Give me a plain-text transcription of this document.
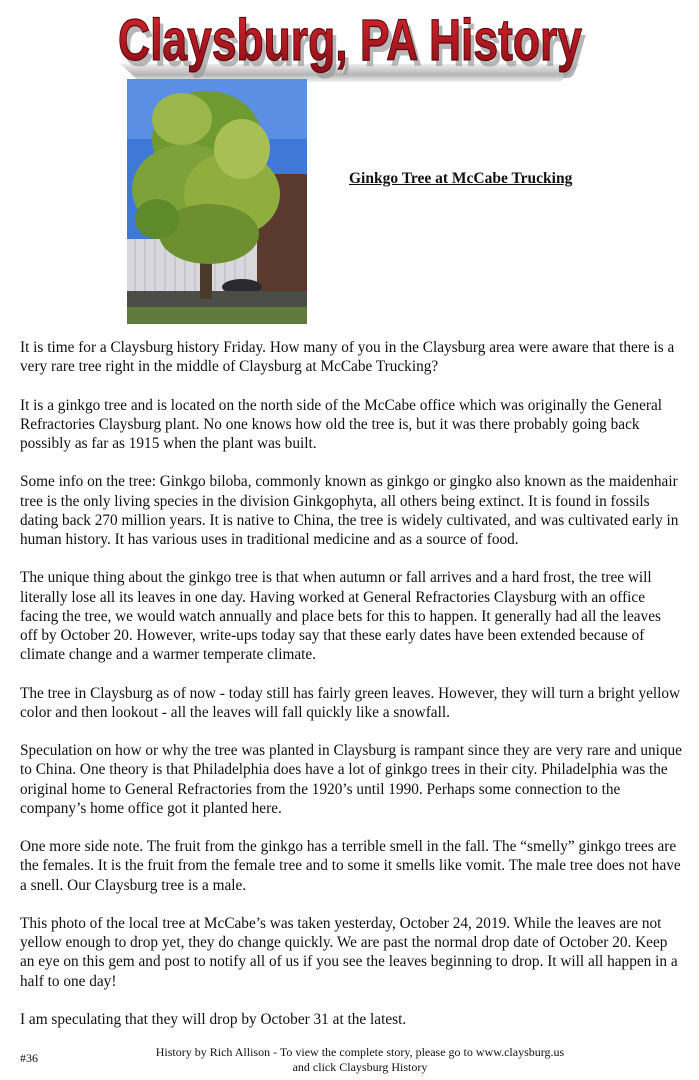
Claysburg, PA History
Claysburg, PA History
Ginkgo Tree at McCabe Trucking

It is time for a Claysburg history Friday. How many of you in the Claysburg area were aware that there is a very rare tree right in the middle of Claysburg at McCabe Trucking?

It is a ginkgo tree and is located on the north side of the McCabe office which was originally the General Refractories Claysburg plant. No one knows how old the tree is, but it was there probably going back possibly as far as 1915 when the plant was built.

Some info on the tree: Ginkgo biloba, commonly known as ginkgo or gingko also known as the maidenhair tree is the only living species in the division Ginkgophyta, all others being extinct. It is found in fossils dating back 270 million years. It is native to China, the tree is widely cultivated, and was cultivated early in human history. It has various uses in traditional medicine and as a source of food.

The unique thing about the ginkgo tree is that when autumn or fall arrives and a hard frost, the tree will literally lose all its leaves in one day. Having worked at General Refractories Claysburg with an office facing the tree, we would watch annually and place bets for this to happen. It generally had all the leaves off by October 20. However, write-ups today say that these early dates have been extended because of climate change and a warmer temperate climate.

The tree in Claysburg as of now - today still has fairly green leaves. However, they will turn a bright yellow color and then lookout - all the leaves will fall quickly like a snowfall.

Speculation on how or why the tree was planted in Claysburg is rampant since they are very rare and unique to China. One theory is that Philadelphia does have a lot of ginkgo trees in their city. Philadelphia was the original home to General Refractories from the 1920’s until 1990. Perhaps some connection to the company’s home office got it planted here.

One more side note. The fruit from the ginkgo has a terrible smell in the fall. The “smelly” ginkgo trees are the females. It is the fruit from the female tree and to some it smells like vomit. The male tree does not have a snell. Our Claysburg tree is a male.

This photo of the local tree at McCabe’s was taken yesterday, October 24, 2019. While the leaves are not yellow enough to drop yet, they do change quickly. We are past the normal drop date of October 20. Keep an eye on this gem and post to notify all of us if you see the leaves beginning to drop. It will all happen in a half to one day!

I am speculating that they will drop by October 31 at the latest.

#36	History by Rich Allison - To view the complete story, please go to www.claysburg.us
and click Claysburg History
